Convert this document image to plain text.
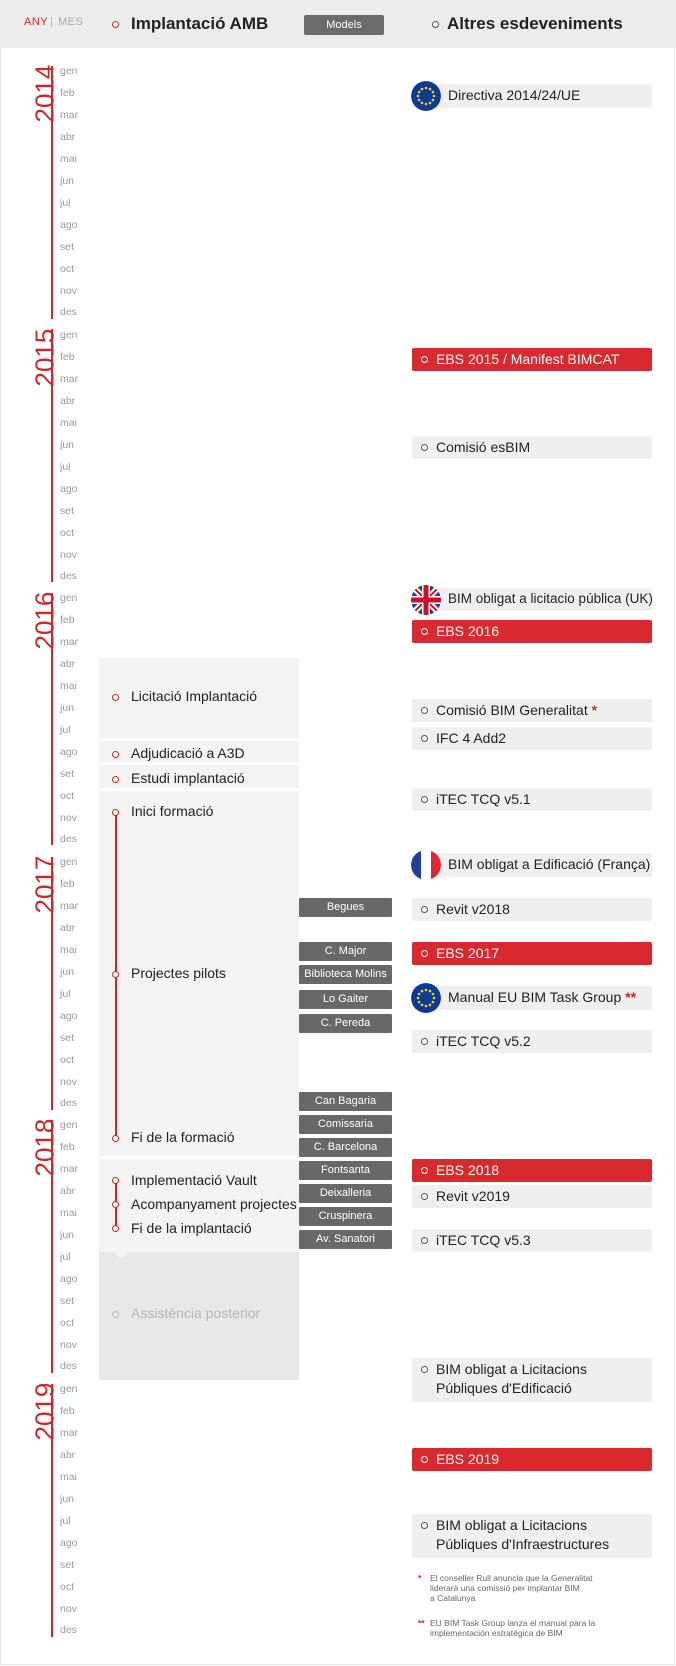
ANY | MES	Implantació AMB	Models	Altres esdeveniments
2014
2015
2016
2017
2018
2019
gen
feb
mar
abr
mai
jun
jul
ago
set
oct
nov
des
gen
feb
mar
abr
mai
jun
jul
ago
set
oct
nov
des
gen
feb
mar
abr
mai
jun
jul
ago
set
oct
nov
des
gen
feb
mar
abr
mai
jun
jul
ago
set
oct
nov
des
gen
feb
mar
abr
mai
jun
jul
ago
set
oct
nov
des
gen
feb
mar
abr
mai
jun
jul
ago
set
oct
nov
des
Licitació Implantació
Adjudicació a A3D
Estudi implantació
Inici formació
Projectes pilots
Fi de la formació
Implementació Vault
Acompanyament projectes
Fi de la implantació
Assistència posterior
Begues
C. Major
Biblioteca Molins
Lo Gaiter
C. Pereda
Can Bagaria
Comissaria
C. Barcelona
Fontsanta
Deixalleria
Cruspinera
Av. Sanatori
Directiva 2014/24/UE
EBS 2015 / Manifest BIMCAT
Comisió esBIM
BIM obligat a licitacio pública (UK)
EBS 2016
Comisió BIM Generalitat *
IFC 4 Add2
iTEC TCQ v5.1
BIM obligat a Edificació (França)
Revit v2018
EBS 2017
Manual EU BIM Task Group **
iTEC TCQ v5.2
EBS 2018
Revit v2019
iTEC TCQ v5.3
BIM obligat a Licitacions
Públiques d'Edificació
EBS 2019
BIM obligat a Licitacions
Públiques d'Infraestructures
* El conseller Rull anuncia que la Generalitat
liderarà una comissió per implantar BIM
a Catalunya
** EU BIM Task Group lanza el manual para la
implementación estratégica de BIM
